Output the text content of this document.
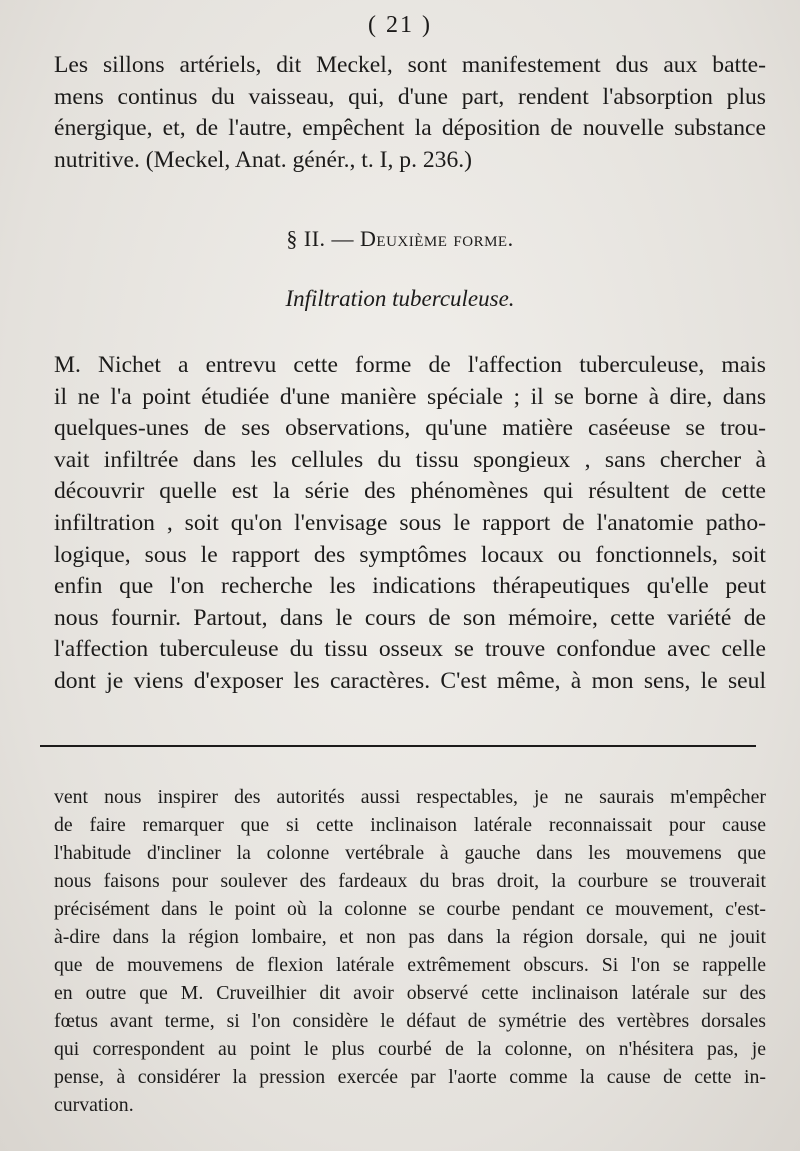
( 21 )
Les sillons artériels, dit Meckel, sont manifestement dus aux batte-
mens continus du vaisseau, qui, d'une part, rendent l'absorption plus
énergique, et, de l'autre, empêchent la déposition de nouvelle substance
nutritive. (Meckel, Anat. génér., t. I, p. 236.)
§ II. — Deuxième forme.
Infiltration tuberculeuse.
M. Nichet a entrevu cette forme de l'affection tuberculeuse, mais
il ne l'a point étudiée d'une manière spéciale ; il se borne à dire, dans
quelques-unes de ses observations, qu'une matière caséeuse se trou-
vait infiltrée dans les cellules du tissu spongieux , sans chercher à
découvrir quelle est la série des phénomènes qui résultent de cette
infiltration , soit qu'on l'envisage sous le rapport de l'anatomie patho-
logique, sous le rapport des symptômes locaux ou fonctionnels, soit
enfin que l'on recherche les indications thérapeutiques qu'elle peut
nous fournir. Partout, dans le cours de son mémoire, cette variété de
l'affection tuberculeuse du tissu osseux se trouve confondue avec celle
dont je viens d'exposer les caractères. C'est même, à mon sens, le seul
vent nous inspirer des autorités aussi respectables, je ne saurais m'empêcher
de faire remarquer que si cette inclinaison latérale reconnaissait pour cause
l'habitude d'incliner la colonne vertébrale à gauche dans les mouvemens que
nous faisons pour soulever des fardeaux du bras droit, la courbure se trouverait
précisément dans le point où la colonne se courbe pendant ce mouvement, c'est-
à-dire dans la région lombaire, et non pas dans la région dorsale, qui ne jouit
que de mouvemens de flexion latérale extrêmement obscurs. Si l'on se rappelle
en outre que M. Cruveilhier dit avoir observé cette inclinaison latérale sur des
fœtus avant terme, si l'on considère le défaut de symétrie des vertèbres dorsales
qui correspondent au point le plus courbé de la colonne, on n'hésitera pas, je
pense, à considérer la pression exercée par l'aorte comme la cause de cette in-
curvation.
